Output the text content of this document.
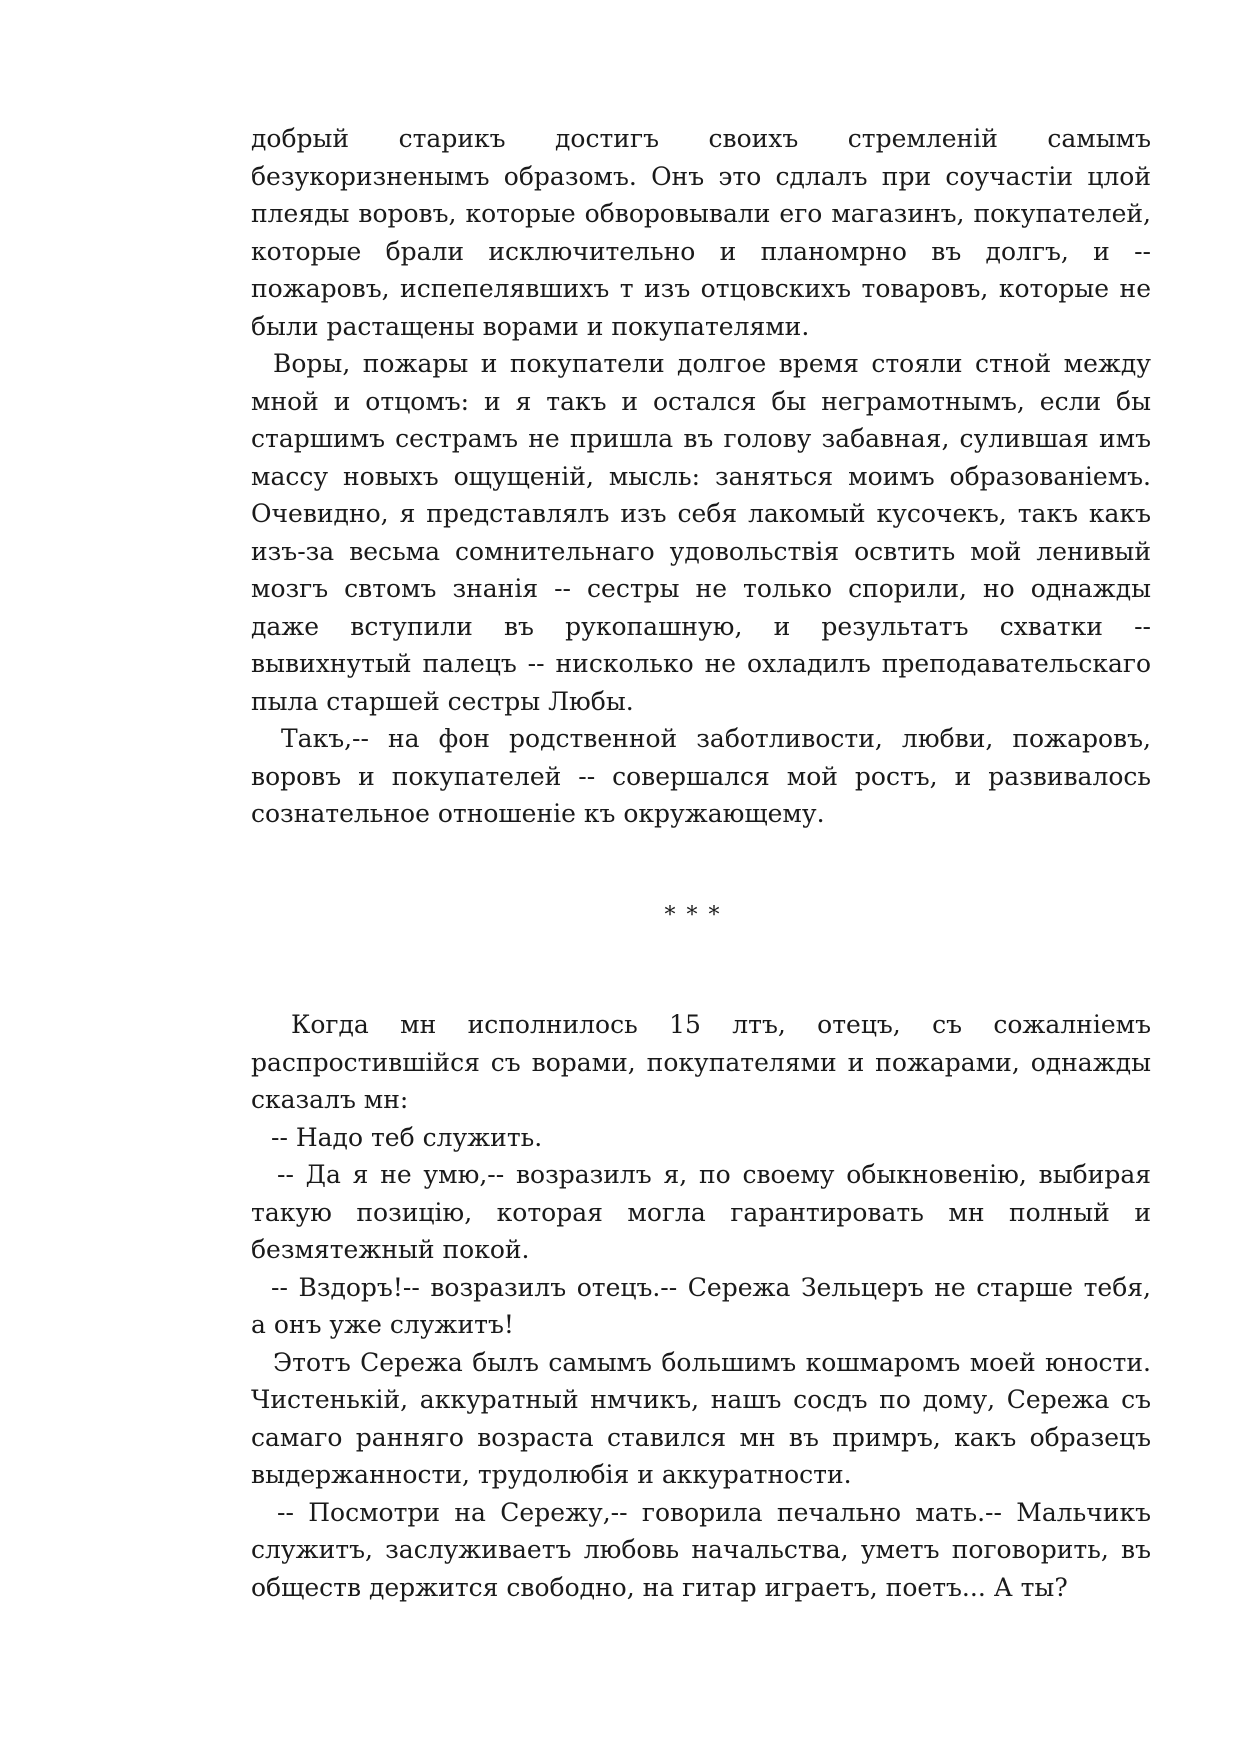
добрый старикъ достигъ своихъ стремленій самымъ безукоризненымъ образомъ. Онъ это сдлалъ при соучастіи цлой плеяды воровъ, которые обворовывали его магазинъ, покупателей, которые брали исключительно и планомрно въ долгъ, и -- пожаровъ, испепелявшихъ т изъ отцовскихъ товаровъ, которые не были растащены ворами и покупателями.

Воры, пожары и покупатели долгое время стояли стной между мной и отцомъ: и я такъ и остался бы неграмотнымъ, если бы старшимъ сестрамъ не пришла въ голову забавная, сулившая имъ массу новыхъ ощущеній, мысль: заняться моимъ образованіемъ. Очевидно, я представлялъ изъ себя лакомый кусочекъ, такъ какъ изъ-за весьма сомнительнаго удовольствія освтить мой ленивый мозгъ свтомъ знанія -- сестры не только спорили, но однажды даже вступили въ рукопашную, и результатъ схватки -- вывихнутый палецъ -- нисколько не охладилъ преподавательскаго пыла старшей сестры Любы.

Такъ,-- на фон родственной заботливости, любви, пожаровъ, воровъ и покупателей -- совершался мой ростъ, и развивалось сознательное отношеніе къ окружающему.

* * *

Когда мн исполнилось 15 лтъ, отецъ, съ сожалніемъ распростившійся съ ворами, покупателями и пожарами, однажды сказалъ мн:

-- Надо теб служить.

-- Да я не умю,-- возразилъ я, по своему обыкновенію, выбирая такую позицію, которая могла гарантировать мн полный и безмятежный покой.

-- Вздоръ!-- возразилъ отецъ.-- Сережа Зельцеръ не старше тебя, а онъ уже служитъ!

Этотъ Сережа былъ самымъ большимъ кошмаромъ моей юности. Чистенькій, аккуратный нмчикъ, нашъ сосдъ по дому, Сережа съ самаго ранняго возраста ставился мн въ примръ, какъ образецъ выдержанности, трудолюбія и аккуратности.

-- Посмотри на Сережу,-- говорила печально мать.-- Мальчикъ служитъ, заслуживаетъ любовь начальства, уметъ поговорить, въ обществ держится свободно, на гитар играетъ, поетъ... А ты?
